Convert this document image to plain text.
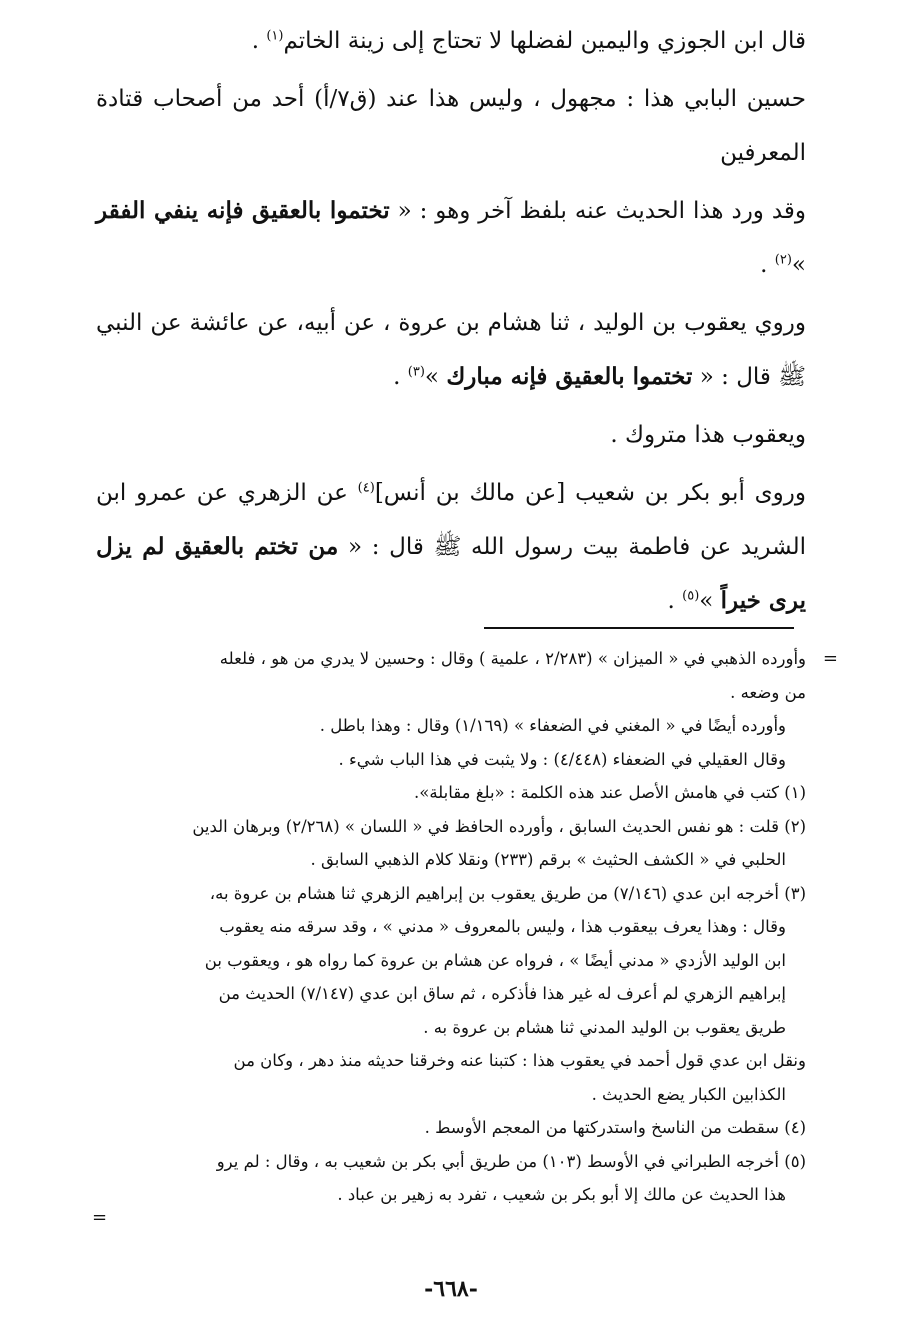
قال ابن الجوزي واليمين لفضلها لا تحتاج إلى زينة الخاتم$^{(١)}$ .

حسين البابي هذا : مجهول ، وليس هذا عند (ق٧/أ) أحد من أصحاب قتادة المعرفين

وقد ورد هذا الحديث عنه بلفظ آخر وهو : « تختموا بالعقيق فإنه ينفي الفقر »$^{(٢)}$ .

وروي يعقوب بن الوليد ، ثنا هشام بن عروة ، عن أبيه، عن عائشة عن النبي ﷺ قال : « تختموا بالعقيق فإنه مبارك »$^{(٣)}$ .

ويعقوب هذا متروك .

وروى أبو بكر بن شعيب [عن مالك بن أنس]$^{(٤)}$ عن الزهري عن عمرو ابن الشريد عن فاطمة بيت رسول الله ﷺ قال : « من تختم بالعقيق لم يزل يرى خيراً »$^{(٥)}$ .

=
=
وأورده الذهبي في « الميزان » (٢/٢٨٣ ، علمية ) وقال : وحسين لا يدري من هو ، فلعله
من وضعه .
وأورده أيضًا في « المغني في الضعفاء » (١/١٦٩) وقال : وهذا باطل .
وقال العقيلي في الضعفاء (٤/٤٤٨) : ولا يثبت في هذا الباب شيء .
(١) كتب في هامش الأصل عند هذه الكلمة : «بلغ مقابلة».
(٢) قلت : هو نفس الحديث السابق ، وأورده الحافظ في « اللسان » (٢/٢٦٨) وبرهان الدين
الحلبي في « الكشف الحثيث » برقم (٢٣٣) ونقلا كلام الذهبي السابق .
(٣) أخرجه ابن عدي (٧/١٤٦) من طريق يعقوب بن إبراهيم الزهري ثنا هشام بن عروة به،
وقال : وهذا يعرف بيعقوب هذا ، وليس بالمعروف « مدني » ، وقد سرقه منه يعقوب
ابن الوليد الأزدي « مدني أيضًا » ، فرواه عن هشام بن عروة كما رواه هو ، ويعقوب بن
إبراهيم الزهري لم أعرف له غير هذا فأذكره ، ثم ساق ابن عدي (٧/١٤٧) الحديث من
طريق يعقوب بن الوليد المدني ثنا هشام بن عروة به .
ونقل ابن عدي قول أحمد في يعقوب هذا : كتبنا عنه وخرقنا حديثه منذ دهر ، وكان من
الكذابين الكبار يضع الحديث .
(٤) سقطت من الناسخ واستدركتها من المعجم الأوسط .
(٥) أخرجه الطبراني في الأوسط (١٠٣) من طريق أبي بكر بن شعيب به ، وقال : لم يرو
هذا الحديث عن مالك إلا أبو بكر بن شعيب ، تفرد به زهير بن عباد .
-٦٦٨-
